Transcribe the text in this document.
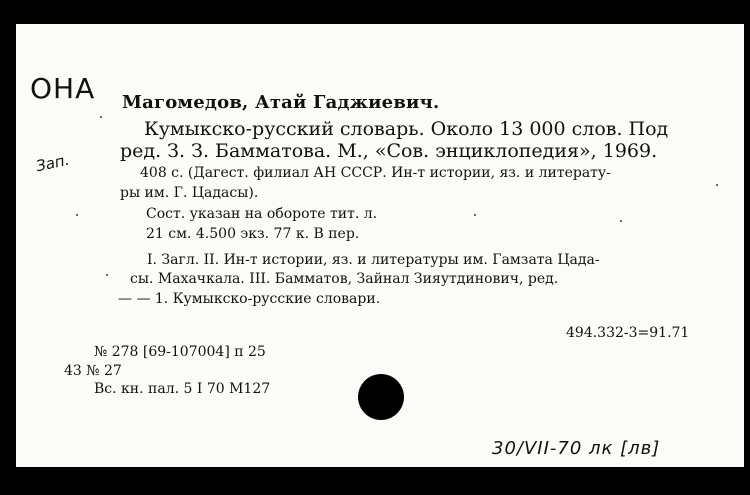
ОНА
Зап.
Магомедов, Атай Гаджиевич.
Кумыкско-русский словарь. Около 13 000 слов. Под
ред. З. З. Бамматова. М., «Сов. энциклопедия», 1969.
408 с. (Дагест. филиал АН СССР. Ин-т истории, яз. и литерату-
ры им. Г. Цадасы).
Сост. указан на обороте тит. л.
21 см. 4.500 экз. 77 к. В пер.
I. Загл. II. Ин-т истории, яз. и литературы им. Гамзата Цада-
сы. Махачкала. III. Бамматов, Зайнал Зияутдинович, ред.
— — 1. Кумыкско-русские словари.
494.332-3=91.71
№ 278 [69-107004] п 25
43 № 27
Вс. кн. пал. 5 I 70 М127
30/VII-70 лк [лв]
